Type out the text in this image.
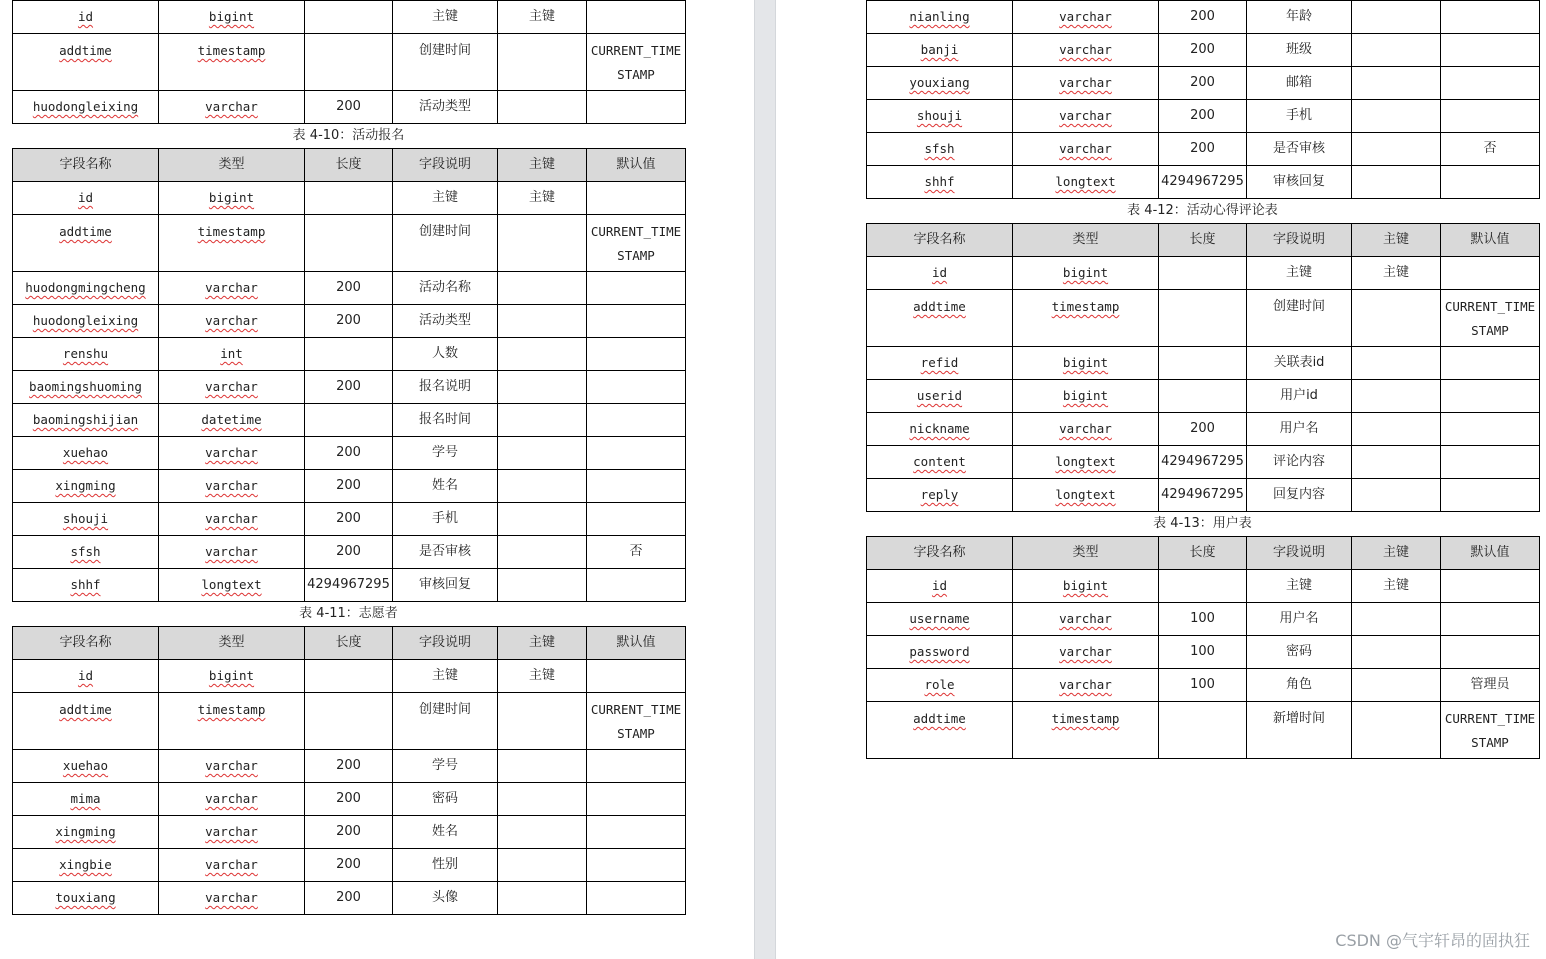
id	bigint		主键	主键	
addtime	timestamp		创建时间		CURRENT_TIMESTAMP
huodongleixing	varchar	200	活动类型		
表 4-10：活动报名
字段名称	类型	长度	字段说明	主键	默认值
id	bigint		主键	主键	
addtime	timestamp		创建时间		CURRENT_TIMESTAMP
huodongmingcheng	varchar	200	活动名称		
huodongleixing	varchar	200	活动类型		
renshu	int		人数		
baomingshuoming	varchar	200	报名说明		
baomingshijian	datetime		报名时间		
xuehao	varchar	200	学号		
xingming	varchar	200	姓名		
shouji	varchar	200	手机		
sfsh	varchar	200	是否审核		否
shhf	longtext	4294967295	审核回复		
表 4-11：志愿者
字段名称	类型	长度	字段说明	主键	默认值
id	bigint		主键	主键	
addtime	timestamp		创建时间		CURRENT_TIMESTAMP
xuehao	varchar	200	学号		
mima	varchar	200	密码		
xingming	varchar	200	姓名		
xingbie	varchar	200	性别		
touxiang	varchar	200	头像		
nianling	varchar	200	年龄		
banji	varchar	200	班级		
youxiang	varchar	200	邮箱		
shouji	varchar	200	手机		
sfsh	varchar	200	是否审核		否
shhf	longtext	4294967295	审核回复		
表 4-12：活动心得评论表
字段名称	类型	长度	字段说明	主键	默认值
id	bigint		主键	主键	
addtime	timestamp		创建时间		CURRENT_TIMESTAMP
refid	bigint		关联表id		
userid	bigint		用户id		
nickname	varchar	200	用户名		
content	longtext	4294967295	评论内容		
reply	longtext	4294967295	回复内容		
表 4-13：用户表
字段名称	类型	长度	字段说明	主键	默认值
id	bigint		主键	主键	
username	varchar	100	用户名		
password	varchar	100	密码		
role	varchar	100	角色		管理员
addtime	timestamp		新增时间		CURRENT_TIMESTAMP
CSDN @气宇轩昂的固执狂
